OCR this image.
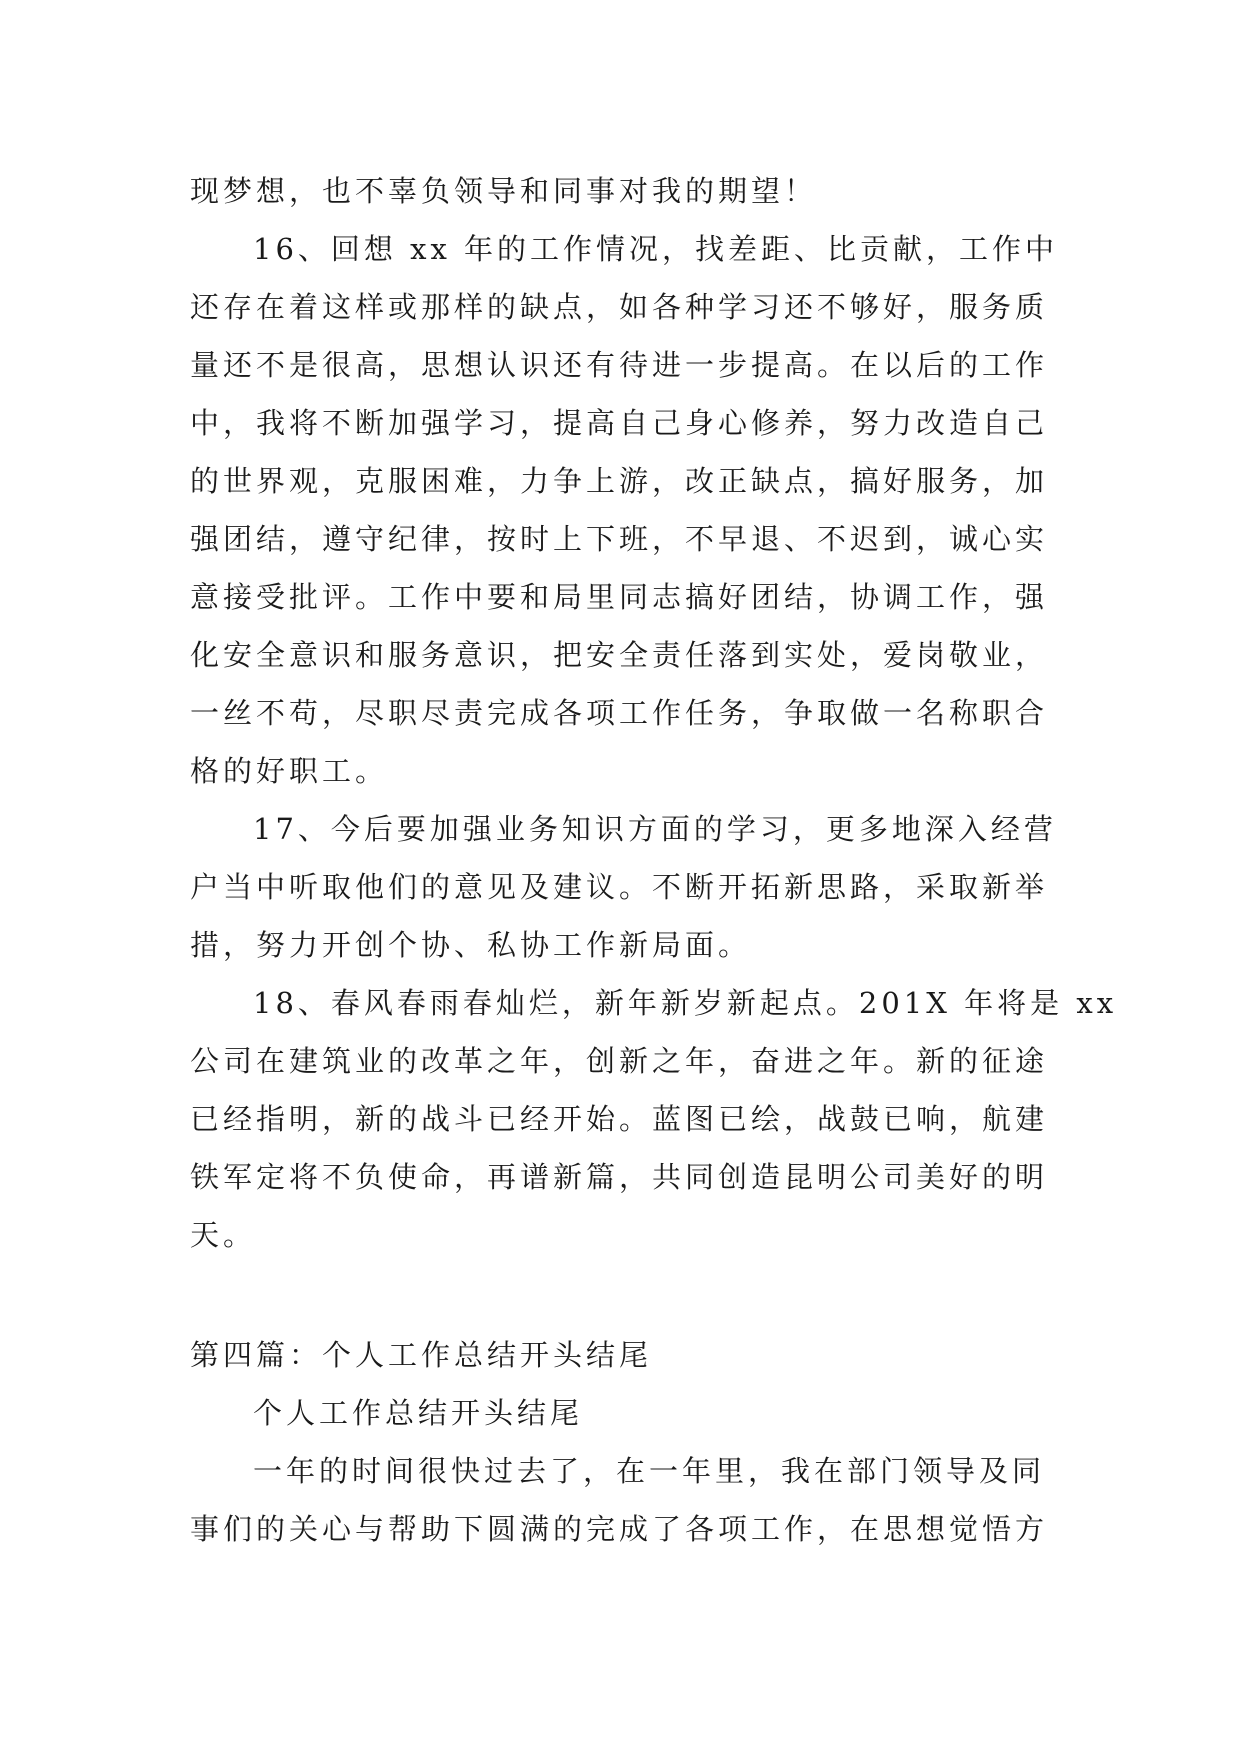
现梦想，也不辜负领导和同事对我的期望！
16、回想 xx 年的工作情况，找差距、比贡献，工作中
还存在着这样或那样的缺点，如各种学习还不够好，服务质
量还不是很高，思想认识还有待进一步提高。在以后的工作
中，我将不断加强学习，提高自己身心修养，努力改造自己
的世界观，克服困难，力争上游，改正缺点，搞好服务，加
强团结，遵守纪律，按时上下班，不早退、不迟到，诚心实
意接受批评。工作中要和局里同志搞好团结，协调工作，强
化安全意识和服务意识，把安全责任落到实处，爱岗敬业，
一丝不苟，尽职尽责完成各项工作任务，争取做一名称职合
格的好职工。
17、今后要加强业务知识方面的学习，更多地深入经营
户当中听取他们的意见及建议。不断开拓新思路，采取新举
措，努力开创个协、私协工作新局面。
18、春风春雨春灿烂，新年新岁新起点。201X 年将是 xx
公司在建筑业的改革之年，创新之年，奋进之年。新的征途
已经指明，新的战斗已经开始。蓝图已绘，战鼓已响，航建
铁军定将不负使命，再谱新篇，共同创造昆明公司美好的明
天。
第四篇：个人工作总结开头结尾
个人工作总结开头结尾
一年的时间很快过去了，在一年里，我在部门领导及同
事们的关心与帮助下圆满的完成了各项工作，在思想觉悟方
